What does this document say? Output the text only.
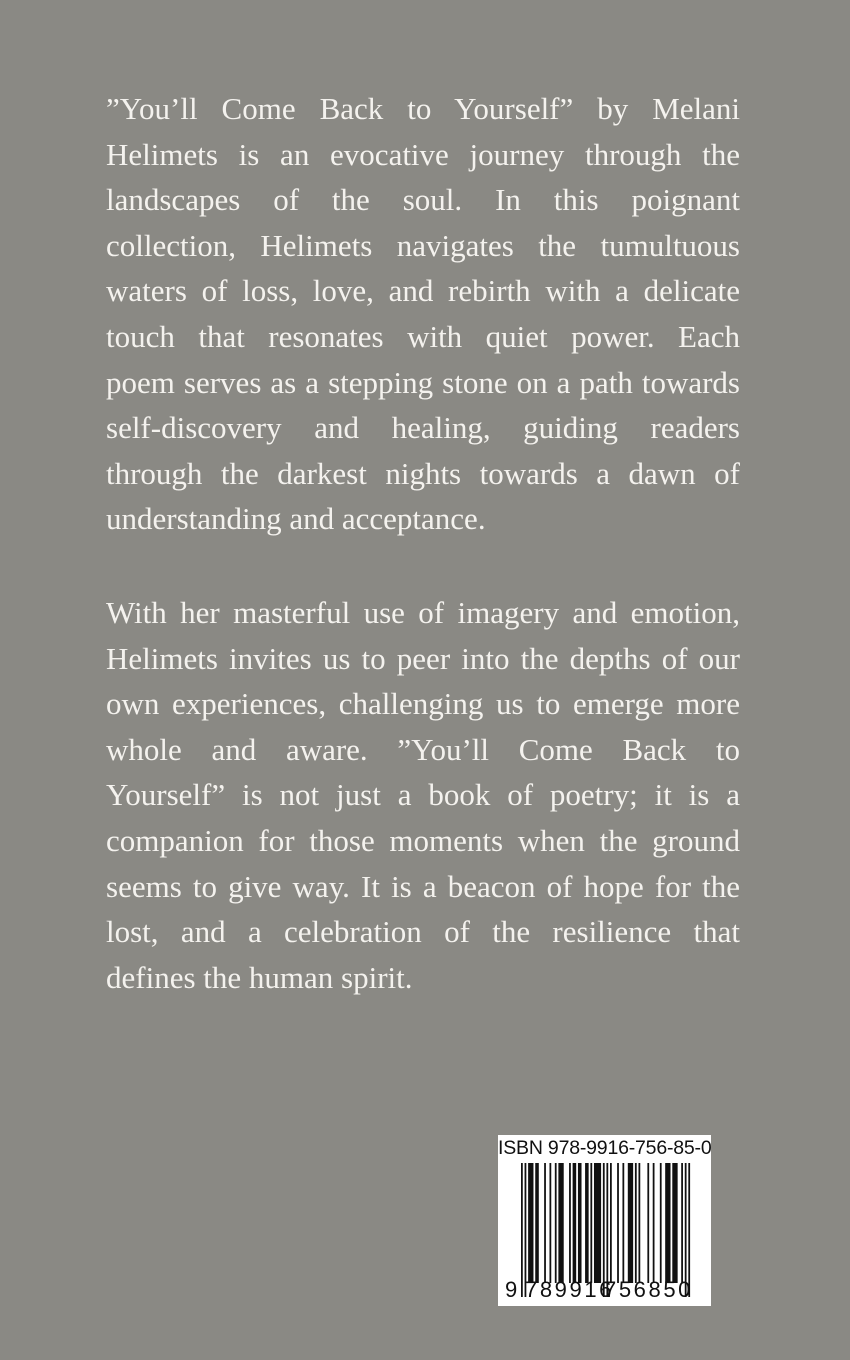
”You’ll Come Back to Yourself” by Melani
Helimets is an evocative journey through the
landscapes of the soul. In this poignant
collection, Helimets navigates the tumultuous
waters of loss, love, and rebirth with a delicate
touch that resonates with quiet power. Each
poem serves as a stepping stone on a path towards
self-discovery and healing, guiding readers
through the darkest nights towards a dawn of
understanding and acceptance.
With her masterful use of imagery and emotion,
Helimets invites us to peer into the depths of our
own experiences, challenging us to emerge more
whole and aware. ”You’ll Come Back to
Yourself” is not just a book of poetry; it is a
companion for those moments when the ground
seems to give way. It is a beacon of hope for the
lost, and a celebration of the resilience that
defines the human spirit.
ISBN 978-9916-756-85-0
9 789916
756850
